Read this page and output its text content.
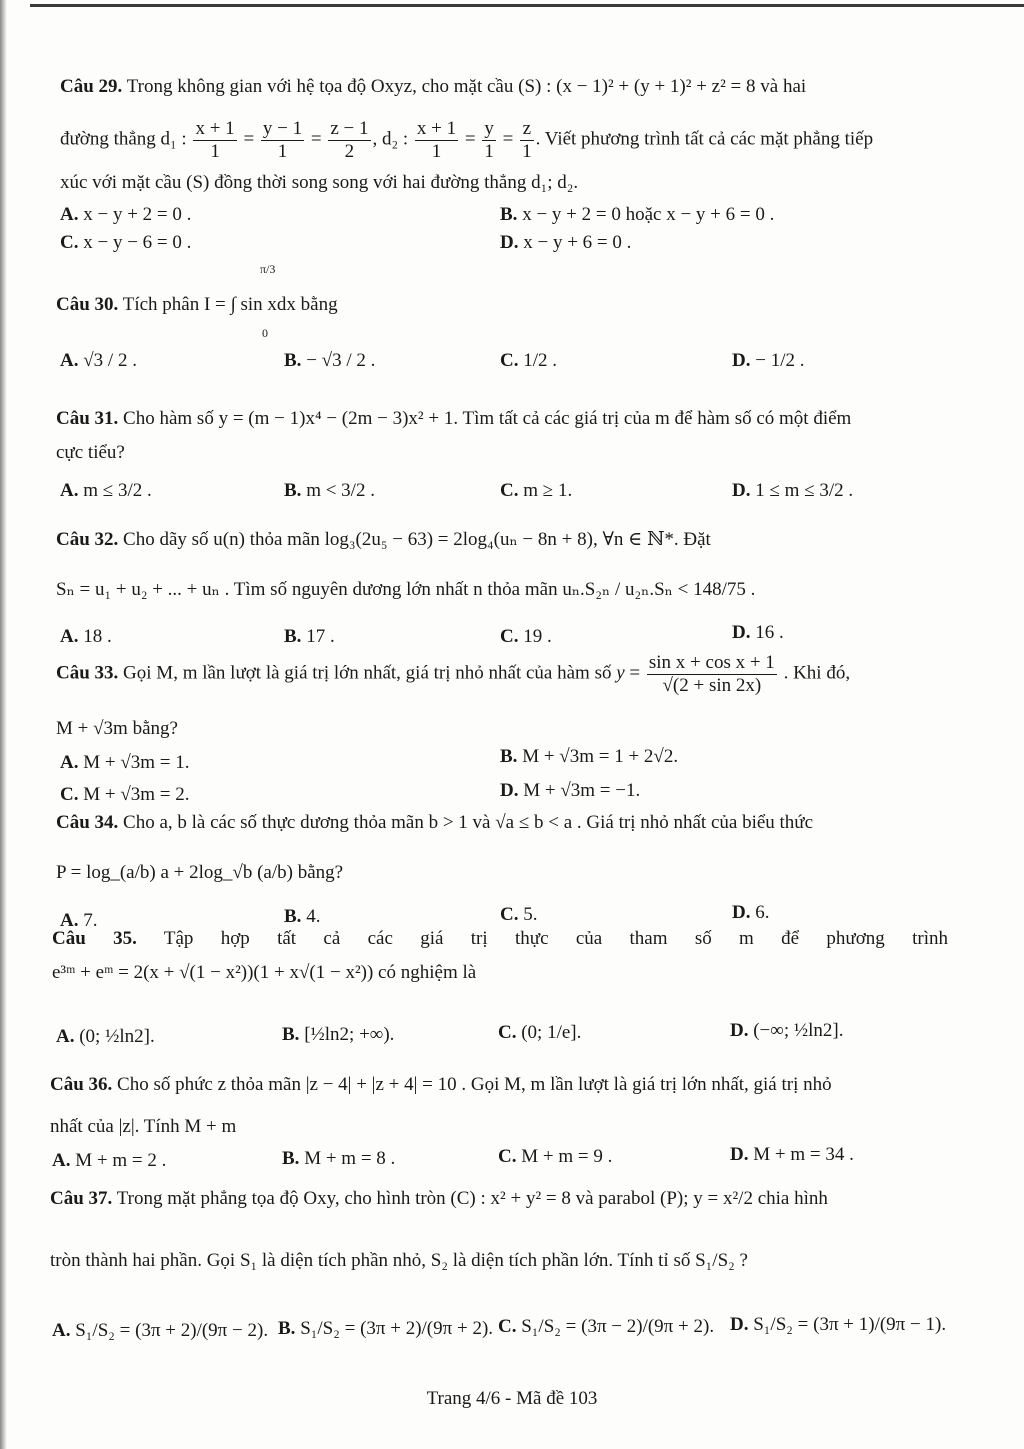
Câu 29. Trong không gian với hệ tọa độ Oxyz, cho mặt cầu (S) : (x − 1)² + (y + 1)² + z² = 8 và hai
đường thẳng d₁ : $\frac{x + 1}{1} = \frac{y - 1}{1} = \frac{z - 1}{2}$ , d₂ : $\frac{x + 1}{1} = \frac{y}{1} = \frac{z}{1}$ . Viết phương trình tất cả các mặt phẳng tiếp
xúc với mặt cầu (S) đồng thời song song với hai đường thẳng d₁; d₂.
A. x − y + 2 = 0 .	B. x − y + 2 = 0 hoặc x − y + 6 = 0 .
C. x − y − 6 = 0 .	D. x − y + 6 = 0 .
π/3
0
Câu 30. Tích phân I = ∫ sin xdx bằng
A. √3 / 2 .	B. − √3 / 2 .	C. 1/2 .	D. − 1/2 .
Câu 31. Cho hàm số y = (m − 1)x⁴ − (2m − 3)x² + 1. Tìm tất cả các giá trị của m để hàm số có một điểm
cực tiểu?
A. m ≤ 3/2 .	B. m < 3/2 .	C. m ≥ 1.	D. 1 ≤ m ≤ 3/2 .
Câu 32. Cho dãy số u(n) thỏa mãn log₃(2u₅ − 63) = 2log₄(uₙ − 8n + 8), ∀n ∈ ℕ*. Đặt
Sₙ = u₁ + u₂ + ... + uₙ . Tìm số nguyên dương lớn nhất n thỏa mãn uₙ.S₂ₙ / u₂ₙ.Sₙ < 148/75 .
A. 18 .	B. 17 .	C. 19 .	D. 16 .
Câu 33. Gọi M, m lần lượt là giá trị lớn nhất, giá trị nhỏ nhất của hàm số $y = \frac{\text{sin x + cos x + 1}}{√(2 + \sin 2x)}$ . Khi đó,
M + √3m bằng?
A. M + √3m = 1.	B. M + √3m = 1 + 2√2.
C. M + √3m = 2.	D. M + √3m = −1.
Câu 34. Cho a, b là các số thực dương thỏa mãn b > 1 và √a ≤ b < a . Giá trị nhỏ nhất của biểu thức
P = log_(a/b) a + 2log_√b (a/b) bằng?
A. 7.	B. 4.	C. 5.	D. 6.
Câu 35. Tập hợp tất cả các giá trị thực của tham số m để phương trình
e³ᵐ + eᵐ = 2(x + √(1 − x²))(1 + x√(1 − x²)) có nghiệm là
A. (0; ½ln2].	B. [½ln2; +∞).	C. (0; 1/e].	D. (−∞; ½ln2].
Câu 36. Cho số phức z thỏa mãn |z − 4| + |z + 4| = 10 . Gọi M, m lần lượt là giá trị lớn nhất, giá trị nhỏ
nhất của |z|. Tính M + m
A. M + m = 2 .	B. M + m = 8 .	C. M + m = 9 .	D. M + m = 34 .
Câu 37. Trong mặt phẳng tọa độ Oxy, cho hình tròn (C) : x² + y² = 8 và parabol (P); y = x²/2 chia hình
tròn thành hai phần. Gọi S₁ là diện tích phần nhỏ, S₂ là diện tích phần lớn. Tính tỉ số S₁/S₂ ?
A. S₁/S₂ = (3π + 2)/(9π − 2). B. S₁/S₂ = (3π + 2)/(9π + 2). C. S₁/S₂ = (3π − 2)/(9π + 2). D. S₁/S₂ = (3π + 1)/(9π − 1).
Trang 4/6 - Mã đề 103
